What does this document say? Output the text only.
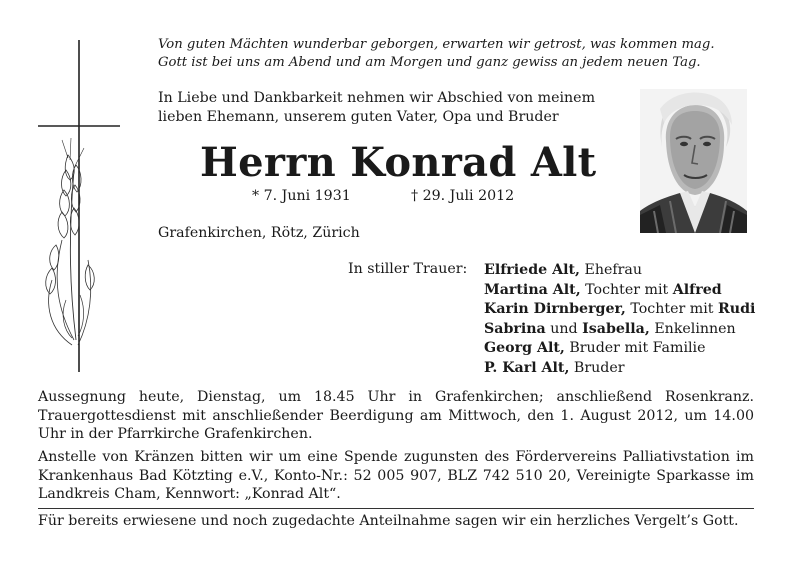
Von guten Mächten wunderbar geborgen, erwarten wir getrost, was kommen mag.
Gott ist bei uns am Abend und am Morgen und ganz gewiss an jedem neuen Tag.
In Liebe und Dankbarkeit nehmen wir Abschied von meinem
lieben Ehemann, unserem guten Vater, Opa und Bruder
Herrn Konrad Alt
* 7. Juni 1931	† 29. Juli 2012
Grafenkirchen, Rötz, Zürich
In stiller Trauer: Elfriede Alt, Ehefrau
Martina Alt, Tochter mit Alfred
Karin Dirnberger, Tochter mit Rudi
Sabrina und Isabella, Enkelinnen
Georg Alt, Bruder mit Familie
P. Karl Alt, Bruder
Aussegnung heute, Dienstag, um 18.45 Uhr in Grafenkirchen; anschließend Rosenkranz. Trauergottesdienst mit anschließender Beerdigung am Mittwoch, den 1. August 2012, um 14.00 Uhr in der Pfarrkirche Grafenkirchen.
Anstelle von Kränzen bitten wir um eine Spende zugunsten des Fördervereins Palliativstation im Krankenhaus Bad Kötzting e.V., Konto-Nr.: 52 005 907, BLZ 742 510 20, Vereinigte Sparkasse im Landkreis Cham, Kennwort: „Konrad Alt“.
Für bereits erwiesene und noch zugedachte Anteilnahme sagen wir ein herzliches Vergelt’s Gott.
